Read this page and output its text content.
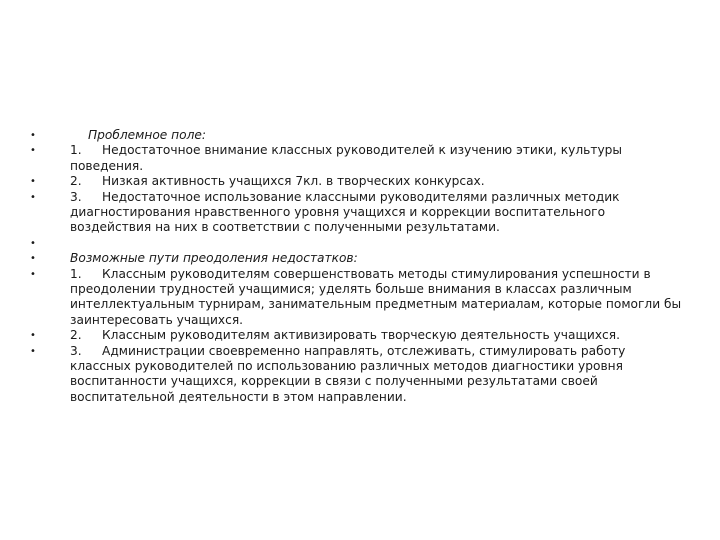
•	Проблемное поле:
•	1. Недостаточное внимание классных руководителей к изучению этики, культуры поведения.
•	2. Низкая активность учащихся 7кл. в творческих конкурсах.
•	3. Недостаточное использование классными руководителями различных методик диагностирования нравственного уровня учащихся и коррекции воспитательного воздействия на них в соответствии с полученными результатами.
•
•	Возможные пути преодоления недостатков:
•	1. Классным руководителям совершенствовать методы стимулирования успешности в преодолении трудностей учащимися; уделять больше внимания в классах различным интеллектуальным турнирам, занимательным предметным материалам, которые помогли бы заинтересовать учащихся.
•	2. Классным руководителям активизировать творческую деятельность учащихся.
•	3. Администрации своевременно направлять, отслеживать, стимулировать работу классных руководителей по использованию различных методов диагностики уровня воспитанности учащихся, коррекции в связи с полученными результатами своей воспитательной деятельности в этом направлении.
